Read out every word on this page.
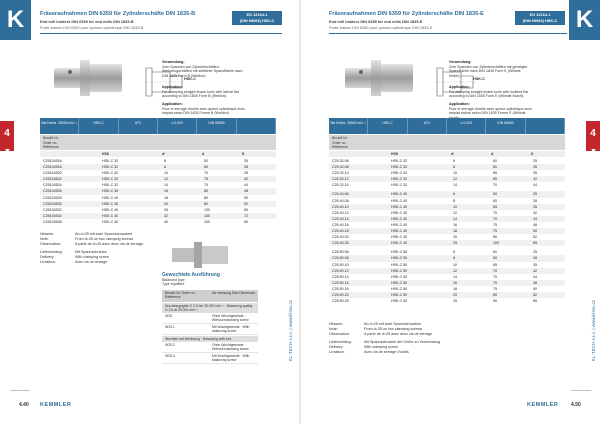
K
4
▼
Fräseraufnahmen DIN 6359 für Zylinderschäfte DIN 1835-B
End mill holders DIN 6359 for end mills DIN 1835-B
Porte-fraises DIN 6359 pour queues cylindrique DIN 1835-B
ED 12164-1
(DIN 69063) HSK-C
HSK-C
Verwendung:
Zum Spannen von Zylinderschäften. Werkzeugschäften mit seitlicher Spannfläche nach DIN 1835 Form B (Weldon).
Application:
For clamping straight shank tools with lateral flat according to DIN 1835 Form B (Weldon).
Application:
Pour le serrage d'outils avec queue cylindrique avec méplat selon DIN 1835 Forme B (Weldon).
Bis Drehz. 25000 min⁻¹	HSK-C	AT3	≤ 0,003	DIN 69063
Bestell-Nr.
Order no.
Référence
HSK	d¹	A	D
C25104516	HSK-C 32	6	50	25
C25104518	HSK-C 32	8	60	28
C25104520	HSK-C 32	10	70	35
C25104522	HSK-C 32	12	75	42
C25104524	HSK-C 32	14	75	44
C25104526	HSK-C 40	16	80	48
C25104528	HSK-C 40	18	80	50
C25104530	HSK-C 40	20	80	52
C25104532	HSK-C 40	25	100	65
C25104534	HSK-C 40	32	100	72
C25104536	HSK-C 40	40	100	80
Hinweis:	Ab d=25 mit zwei Spannschrauben
Note:	From d=25 on two clamping screws
Observation:	A partir de d=25 avec deux vis de serrage
Lieferumfang:	Mit Spannschraube
Delivery:	With clamping screw
Livraison:	Avec vis de serrage
Gewuchtete Ausführung
Balanced type
Type équilibré
Bestell-Nr. Order no. Référence
Ab messung Size Dimension
Wuchtungsgüte G 2,5 bei 25.000 min⁻¹ · Balancing quality G 2,5 at 25.000 min⁻¹
W25	Ohne Wuchtgewinde · Without balancing screw
W25.1	Mit Wuchtgewinde · With balancing screw
Wuchten mit Werkzeug · Balancing with tool
W25.2	Ohne Wuchtgewinde · Without balancing screw
W25.3	Mit Wuchtgewinde · With balancing screw	KL-TECH s.r.o. | www.kl-tec.cz
4.40 KEMMLER
K
4
▼
Fräseraufnahmen DIN 6359 für Zylinderschäfte DIN 1835-E
End mill holders DIN 6359 for end mills DIN 1835-E
Porte-fraises DIN 6359 pour queues cylindrique DIN 1835-E
ED 12164-1
(DIN 69063) HSK-C
HSK-C
Verwendung:
Zum Spannen von Zylinderschäften mit geneigter Spannfläche nach DIN 1835 Form E (Whistle Notch).
Application:
For clamping straight shank tools with inclined flat according to DIN 1835 Form E (Whistle Notch).
Application:
Pour le serrage d'outils avec queue cylindrique avec méplat incliné selon DIN 1835 Forme E (Whistle
Bis Drehz. 25000 min⁻¹	HSK-C	AT3	≤ 0,003	DIN 69063
Bestell-Nr.
Order no.
Référence
HSK	d¹	A	D
C25.32.06	HSK-C 32	6	60	25
C25.32.08	HSK-C 32	8	60	28
C25.32.10	HSK-C 32	10	65	35
C25.32.12	HSK-C 32	12	65	42
C25.32.14	HSK-C 32	14	70	44
C25.40.06	HSK-C 40	6	60	25
C25.40.08	HSK-C 40	8	60	28
C25.40.10	HSK-C 40	10	65	35
C25.40.12	HSK-C 40	12	70	42
C25.40.14	HSK-C 40	14	70	44
C25.40.16	HSK-C 40	16	75	48
C25.40.18	HSK-C 40	18	75	50
C25.40.20	HSK-C 40	20	80	52
C25.40.25	HSK-C 40	25	100	65
C25.50.06	HSK-C 50	6	60	25
C25.50.08	HSK-C 50	8	60	28
C25.50.10	HSK-C 50	10	65	35
C25.50.12	HSK-C 50	12	70	42
C25.50.14	HSK-C 50	14	70	44
C25.50.16	HSK-C 50	16	75	48
C25.50.18	HSK-C 50	18	75	50
C25.50.20	HSK-C 50	20	80	52
C25.50.25	HSK-C 50	25	90	65
Hinweis:	Ab d=25 mit zwei Spannschrauben
Note:	From d=25 on two clamping screws
Observation:	A partir de d=25 avec deux vis de serrage
Lieferumfang:	Mit Spannschraube der Größe zu Verwendung
Delivery:	With clamping screw
Livraison:	Avec vis de serrage d'outils	KL-TECH s.r.o. | www.kl-tec.cz
KEMMLER	4.50
